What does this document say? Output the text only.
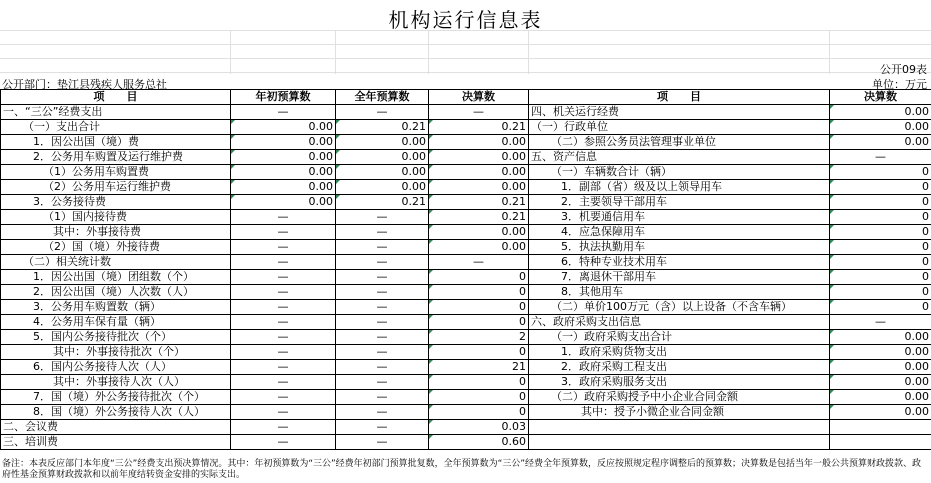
机构运行信息表
公开09表
公开部门：垫江县残疾人服务总社	单位：万元
项　　目	年初预算数	全年预算数	决算数	项　　目	决算数
一、“三公”经费支出	—	—	—	四、机关运行经费	0.00
（一）支出合计	0.00	0.21	0.21	（一）行政单位	0.00
1．因公出国（境）费	0.00	0.00	0.00	（二）参照公务员法管理事业单位	0.00
2．公务用车购置及运行维护费	0.00	0.00	0.00	五、资产信息	—
（1）公务用车购置费	0.00	0.00	0.00	（一）车辆数合计（辆）	0
（2）公务用车运行维护费	0.00	0.00	0.00	1．副部（省）级及以上领导用车	0
3．公务接待费	0.00	0.21	0.21	2．主要领导干部用车	0
（1）国内接待费	—	—	0.21	3．机要通信用车	0
其中：外事接待费	—	—	0.00	4．应急保障用车	0
（2）国（境）外接待费	—	—	0.00	5．执法执勤用车	0
（二）相关统计数	—	—	—	6．特种专业技术用车	0
1．因公出国（境）团组数（个）	—	—	0	7．离退休干部用车	0
2．因公出国（境）人次数（人）	—	—	0	8．其他用车	0
3．公务用车购置数（辆）	—	—	0	（二）单价100万元（含）以上设备（不含车辆）	0
4．公务用车保有量（辆）	—	—	0	六、政府采购支出信息	—
5．国内公务接待批次（个）	—	—	2	（一）政府采购支出合计	0.00
其中：外事接待批次（个）	—	—	0	1．政府采购货物支出	0.00
6．国内公务接待人次（人）	—	—	21	2．政府采购工程支出	0.00
其中：外事接待人次（人）	—	—	0	3．政府采购服务支出	0.00
7．国（境）外公务接待批次（个）	—	—	0	（二）政府采购授予中小企业合同金额	0.00
8．国（境）外公务接待人次（人）	—	—	0	其中：授予小微企业合同金额	0.00
二、会议费	—	—	0.03		
三、培训费	—	—	0.60		
备注：本表反应部门本年度“三公”经费支出预决算情况。其中：年初预算数为“三公”经费年初部门预算批复数，全年预算数为“三公”经费全年预算数，反应按照规定程序调整后的预算数；决算数是包括当年一般公共预算财政拨款、政府性基金预算财政拨款和以前年度结转资金安排的实际支出。
